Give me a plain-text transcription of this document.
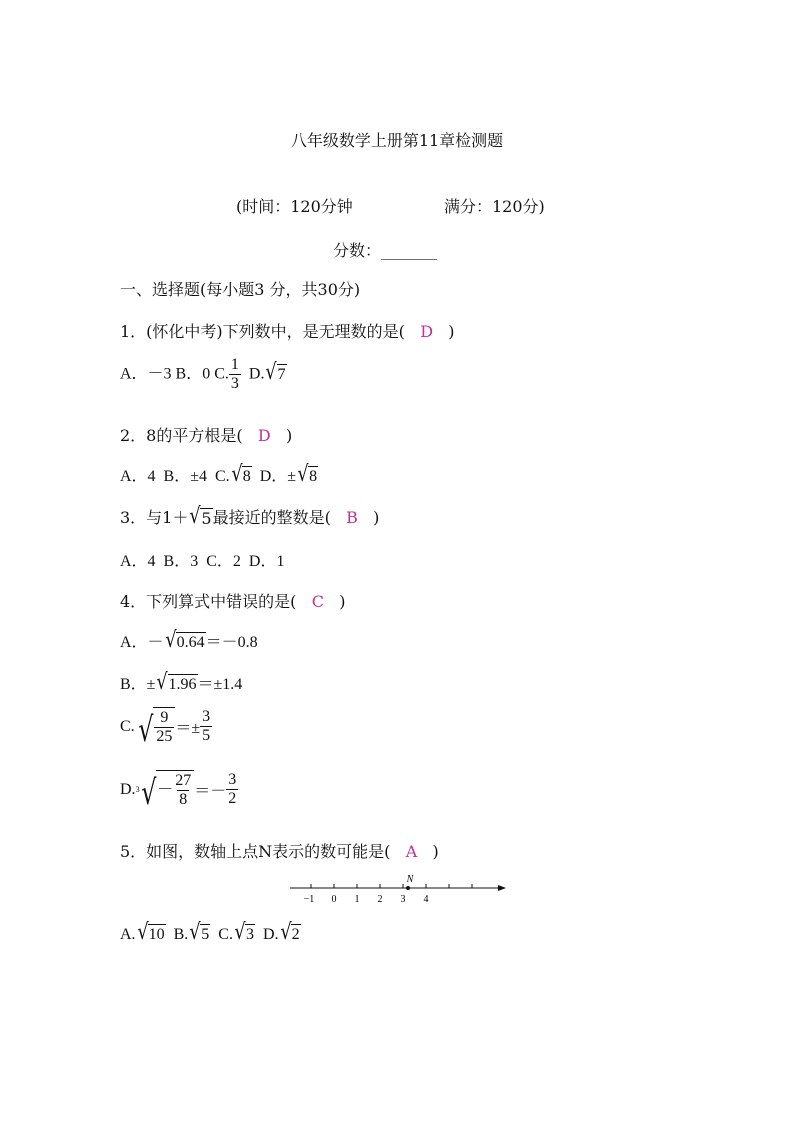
八年级数学上册第11章检测题
(时间：120分钟	满分：120分)
分数：_______
一、选择题(每小题3 分，共30分)
1．(怀化中考)下列数中，是无理数的是( D )
A．－3 B．0 C. $\frac{1}{3} D$. √ 7
2．8的平方根是( D )
A．4  B．±4  C. √ 8 D．± √ 8
3．与1＋ √ 5 最接近的整数是( B )
A．4  B．3  C．2  D．1
4．下列算式中错误的是( C )
A．－ √ 0.64 ＝－0.8
B．± √ 1.96 ＝±1.4
C. √ $\frac{9}{25} =\pm \frac{3}{5}$
D. 3 √ － $\frac{27}{8} =- \frac{3}{2}$
5．如图，数轴上点N表示的数可能是( A )
−1 0 1 2 3 4
N
A. √ 10 B. √ 5 C. √ 3 D. √ 2
